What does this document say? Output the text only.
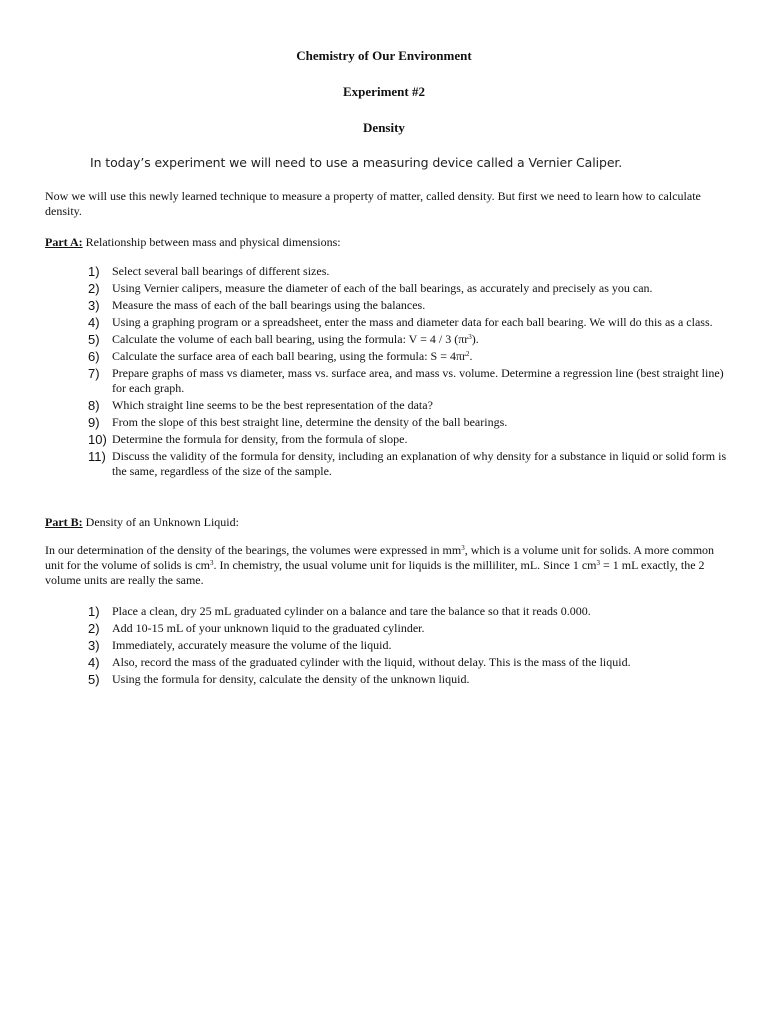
Chemistry of Our Environment
Experiment #2
Density
In today’s experiment we will need to use a measuring device called a Vernier Caliper.
Now we will use this newly learned technique to measure a property of matter, called density. But first we need to learn how to calculate density.
Part A: Relationship between mass and physical dimensions:
1) Select several ball bearings of different sizes.
2) Using Vernier calipers, measure the diameter of each of the ball bearings, as accurately and precisely as you can.
3) Measure the mass of each of the ball bearings using the balances.
4) Using a graphing program or a spreadsheet, enter the mass and diameter data for each ball bearing. We will do this as a class.
5) Calculate the volume of each ball bearing, using the formula: V = 4 / 3 $(\pi r^3)$.
6) Calculate the surface area of each ball bearing, using the formula: $S = 4\pi r^2$.
7) Prepare graphs of mass vs diameter, mass vs. surface area, and mass vs. volume. Determine a regression line (best straight line) for each graph.
8) Which straight line seems to be the best representation of the data?
9) From the slope of this best straight line, determine the density of the ball bearings.
10) Determine the formula for density, from the formula of slope.
11) Discuss the validity of the formula for density, including an explanation of why density for a substance in liquid or solid form is the same, regardless of the size of the sample.
Part B: Density of an Unknown Liquid:
In our determination of the density of the bearings, the volumes were expressed in $mm^3$, which is a volume unit for solids. A more common unit for the volume of solids is $cm^3$. In chemistry, the usual volume unit for liquids is the milliliter, mL. Since 1 $cm^3 = 1$ mL exactly, the 2 volume units are really the same.
1) Place a clean, dry 25 mL graduated cylinder on a balance and tare the balance so that it reads 0.000.
2) Add 10-15 mL of your unknown liquid to the graduated cylinder.
3) Immediately, accurately measure the volume of the liquid.
4) Also, record the mass of the graduated cylinder with the liquid, without delay. This is the mass of the liquid.
5) Using the formula for density, calculate the density of the unknown liquid.
